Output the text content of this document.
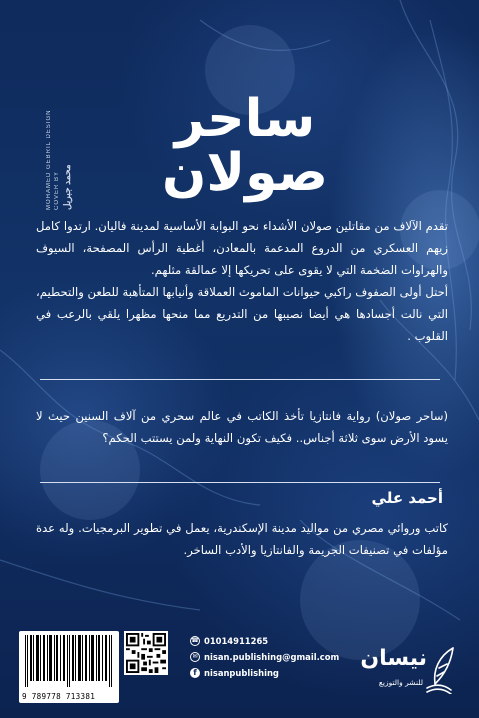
MOHAMED GEBRIL DESIGN COVER BY محمد جبريل
ساحر
صولان

تقدم الآلاف من مقاتلين صولان الأشداء نحو البوابة الأساسية لمدينة فاليان. ارتدوا كامل زيهم العسكري من الدروع المدعمة بالمعادن، أغطية الرأس المصفحة، السيوف والهراوات الضخمة التي لا يقوى على تحريكها إلا عمالقة مثلهم.

أحتل أولى الصفوف راكبي حيوانات الماموث العملاقة وأنيابها المتأهبة للطعن والتحطيم، التي نالت أجسادها هي أيضا نصيبها من التدريع مما منحها مظهرا يلقي بالرعب في القلوب .

(ساحر صولان) رواية فانتازيا تأخذ الكاتب في عالم سحري من آلاف السنين حيث لا يسود الأرض سوى ثلاثة أجناس.. فكيف تكون النهاية ولمن يستتب الحكم؟

أحمد علي

كاتب وروائي مصري من مواليد مدينة الإسكندرية، يعمل في تطوير البرمجيات. وله عدة مؤلفات في تصنيفات الجريمة والفانتازيا والأدب الساخر.

9 789778 713381
☎ 01014911265
✉ nisan.publishing@gmail.com
f nisanpublishing
نيسان
للنشر والتوزيع
